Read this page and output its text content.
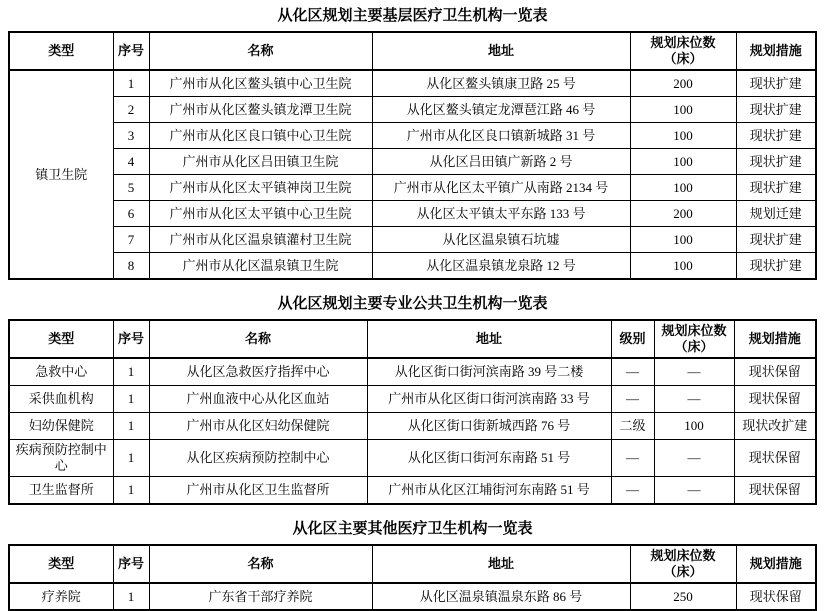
从化区规划主要基层医疗卫生机构一览表
类型	序号	名称	地址	规划床位数（床）	规划措施
镇卫生院	1	广州市从化区鳌头镇中心卫生院	从化区鳌头镇康卫路 25 号	200	现状扩建
	2	广州市从化区鳌头镇龙潭卫生院	从化区鳌头镇定龙潭琶江路 46 号	100	现状扩建
	3	广州市从化区良口镇中心卫生院	广州市从化区良口镇新城路 31 号	100	现状扩建
	4	广州市从化区吕田镇卫生院	从化区吕田镇广新路 2 号	100	现状扩建
	5	广州市从化区太平镇神岗卫生院	广州市从化区太平镇广从南路 2134 号	100	现状扩建
	6	广州市从化区太平镇中心卫生院	从化区太平镇太平东路 133 号	200	规划迁建
	7	广州市从化区温泉镇灌村卫生院	从化区温泉镇石坑墟	100	现状扩建
	8	广州市从化区温泉镇卫生院	从化区温泉镇龙泉路 12 号	100	现状扩建
从化区规划主要专业公共卫生机构一览表
类型	序号	名称	地址	级别	规划床位数（床）	规划措施
急救中心	1	从化区急救医疗指挥中心	从化区街口街河滨南路 39 号二楼	—	—	现状保留
采供血机构	1	广州血液中心从化区血站	广州市从化区街口街河滨南路 33 号	—	—	现状保留
妇幼保健院	1	广州市从化区妇幼保健院	从化区街口街新城西路 76 号	二级	100	现状改扩建
疾病预防控制中心	1	从化区疾病预防控制中心	从化区街口街河东南路 51 号	—	—	现状保留
卫生监督所	1	广州市从化区卫生监督所	广州市从化区江埔街河东南路 51 号	—	—	现状保留
从化区主要其他医疗卫生机构一览表
类型	序号	名称	地址	规划床位数（床）	规划措施
疗养院	1	广东省干部疗养院	从化区温泉镇温泉东路 86 号	250	现状保留
